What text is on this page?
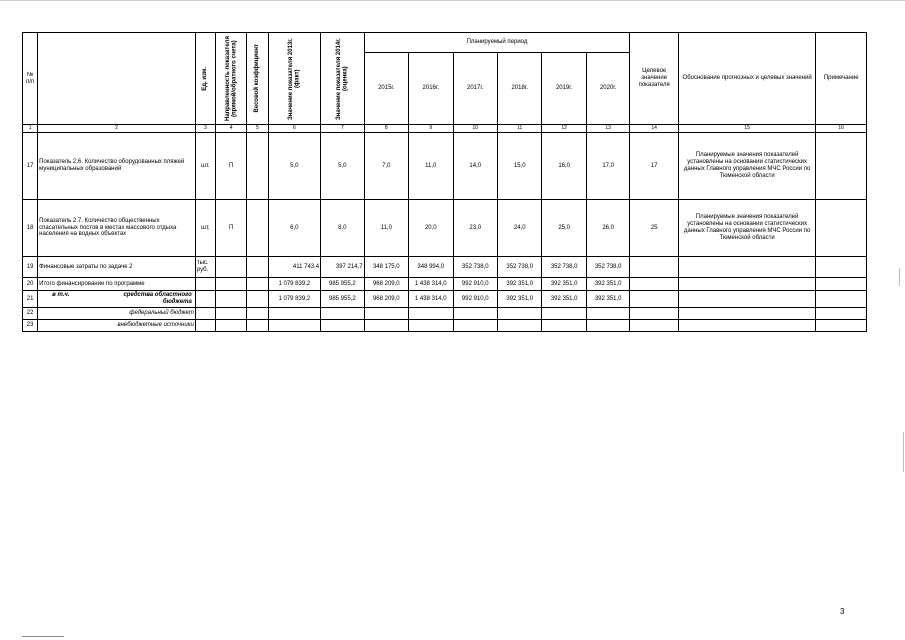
№ п/п		Ед. изм.	Направленность показателя (прямой/обратного счета)	Весовой коэффициент	Значение показателя 2013г. (факт)	Значение показателя 2014г. (оценка)	Планируемый период						Целевое значение показателя	Обоснование прогнозных и целевых значений	Примечание
							2015г.	2016г.	2017г.	2018г.	2019г.	2020г.			
1	2	3	4	5	6	7	8	9	10	11	12	13	14	15	16
17	Показатель 2.6. Количество оборудованных пляжей муниципальных образований	шт.	П		5,0	5,0	7,0	11,0	14,0	15,0	16,0	17,0	17	Планируемые значения показателей установлены на основании статистических данных Главного управления МЧС России по Тюменской области	
18	Показатель 2.7. Количество общественных спасательных постов в местах массового отдыха населения на водных объектах	шт.	П		6,0	8,0	11,0	20,0	23,0	24,0	25,0	26,0	25	Планируемые значения показателей установлены на основании статистических данных Главного управления МЧС России по Тюменской области	
19	Финансовые затраты по задаче 2	тыс. руб.			411 743,4	397 214,7	348 175,0	348 994,0	352 738,0	352 738,0	352 738,0	352 738,0			
20	Итого финансирование по программе				1 079 839,2	985 955,2	968 209,0	1 438 314,0	992 910,0	392 351,0	392 351,0	392 351,0			
21	в т.ч. средства областного бюджета				1 079 839,2	985 955,2	968 209,0	1 438 314,0	992 910,0	392 351,0	392 351,0	392 351,0			
22	федеральный бюджет														
23	внебюджетные источники														
3
